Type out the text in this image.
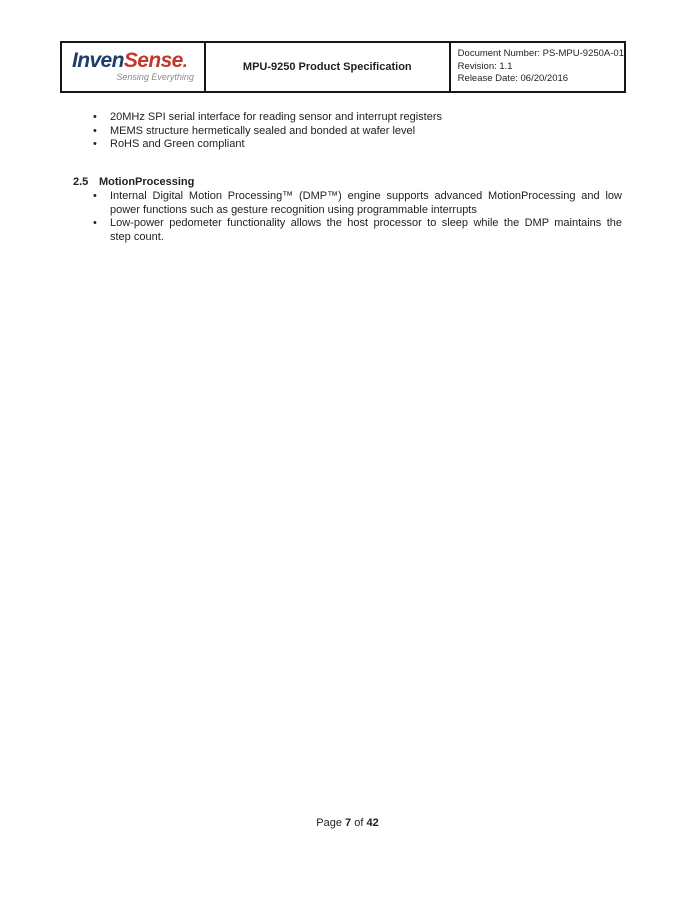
InvenSense.
Sensing Everything
MPU-9250 Product Specification
Document Number: PS-MPU-9250A-01
Revision: 1.1
Release Date: 06/20/2016
•	20MHz SPI serial interface for reading sensor and interrupt registers
•	MEMS structure hermetically sealed and bonded at wafer level
•	RoHS and Green compliant
2.5 MotionProcessing
•	Internal Digital Motion Processing™ (DMP™) engine supports advanced MotionProcessing and low
power functions such as gesture recognition using programmable interrupts
•	Low-power pedometer functionality allows the host processor to sleep while the DMP maintains the
step count.
Page 7 of 42
